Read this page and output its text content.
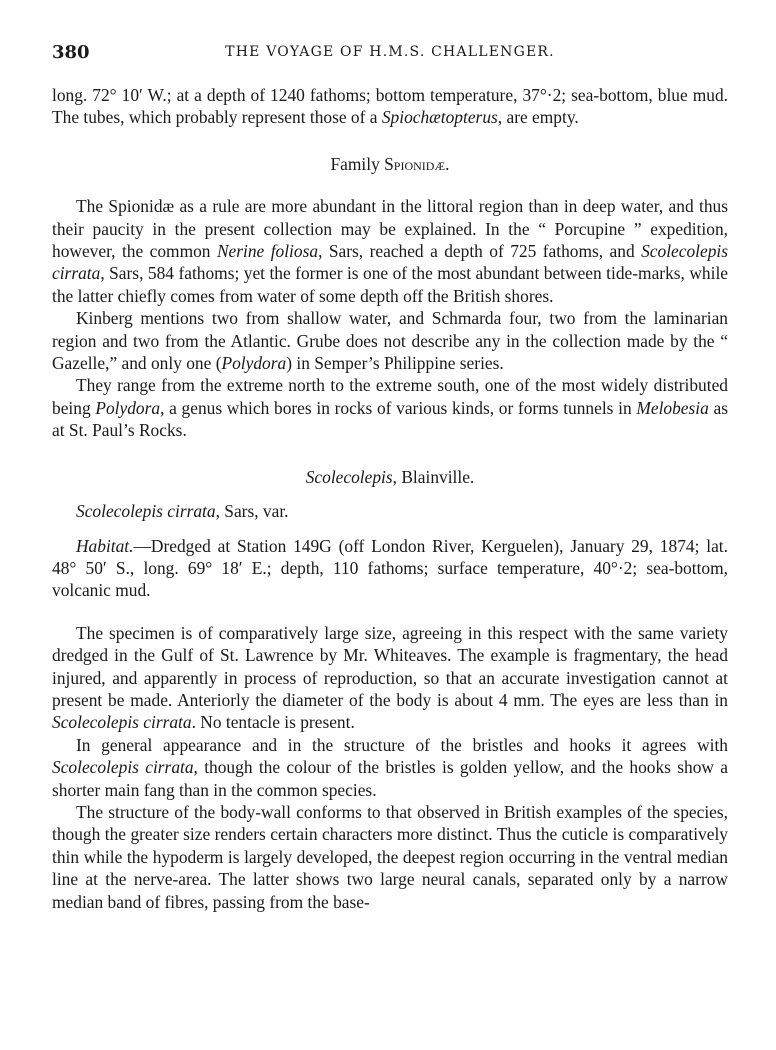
380	THE VOYAGE OF H.M.S. CHALLENGER.

long. 72° 10′ W.; at a depth of 1240 fathoms; bottom temperature, 37°·2; sea-bottom, blue mud. The tubes, which probably represent those of a Spiochætopterus, are empty.

Family Spionidæ.

The Spionidæ as a rule are more abundant in the littoral region than in deep water, and thus their paucity in the present collection may be explained. In the “ Porcupine ” expedition, however, the common Nerine foliosa, Sars, reached a depth of 725 fathoms, and Scolecolepis cirrata, Sars, 584 fathoms; yet the former is one of the most abundant between tide-marks, while the latter chiefly comes from water of some depth off the British shores.

Kinberg mentions two from shallow water, and Schmarda four, two from the laminarian region and two from the Atlantic. Grube does not describe any in the collection made by the “ Gazelle,” and only one (Polydora) in Semper’s Philippine series.

They range from the extreme north to the extreme south, one of the most widely distributed being Polydora, a genus which bores in rocks of various kinds, or forms tunnels in Melobesia as at St. Paul’s Rocks.

Scolecolepis, Blainville.

Scolecolepis cirrata, Sars, var.

Habitat.—Dredged at Station 149G (off London River, Kerguelen), January 29, 1874; lat. 48° 50′ S., long. 69° 18′ E.; depth, 110 fathoms; surface temperature, 40°·2; sea-bottom, volcanic mud.

The specimen is of comparatively large size, agreeing in this respect with the same variety dredged in the Gulf of St. Lawrence by Mr. Whiteaves. The example is fragmentary, the head injured, and apparently in process of reproduction, so that an accurate investigation cannot at present be made. Anteriorly the diameter of the body is about 4 mm. The eyes are less than in Scolecolepis cirrata. No tentacle is present.

In general appearance and in the structure of the bristles and hooks it agrees with Scolecolepis cirrata, though the colour of the bristles is golden yellow, and the hooks show a shorter main fang than in the common species.

The structure of the body-wall conforms to that observed in British examples of the species, though the greater size renders certain characters more distinct. Thus the cuticle is comparatively thin while the hypoderm is largely developed, the deepest region occurring in the ventral median line at the nerve-area. The latter shows two large neural canals, separated only by a narrow median band of fibres, passing from the base-
